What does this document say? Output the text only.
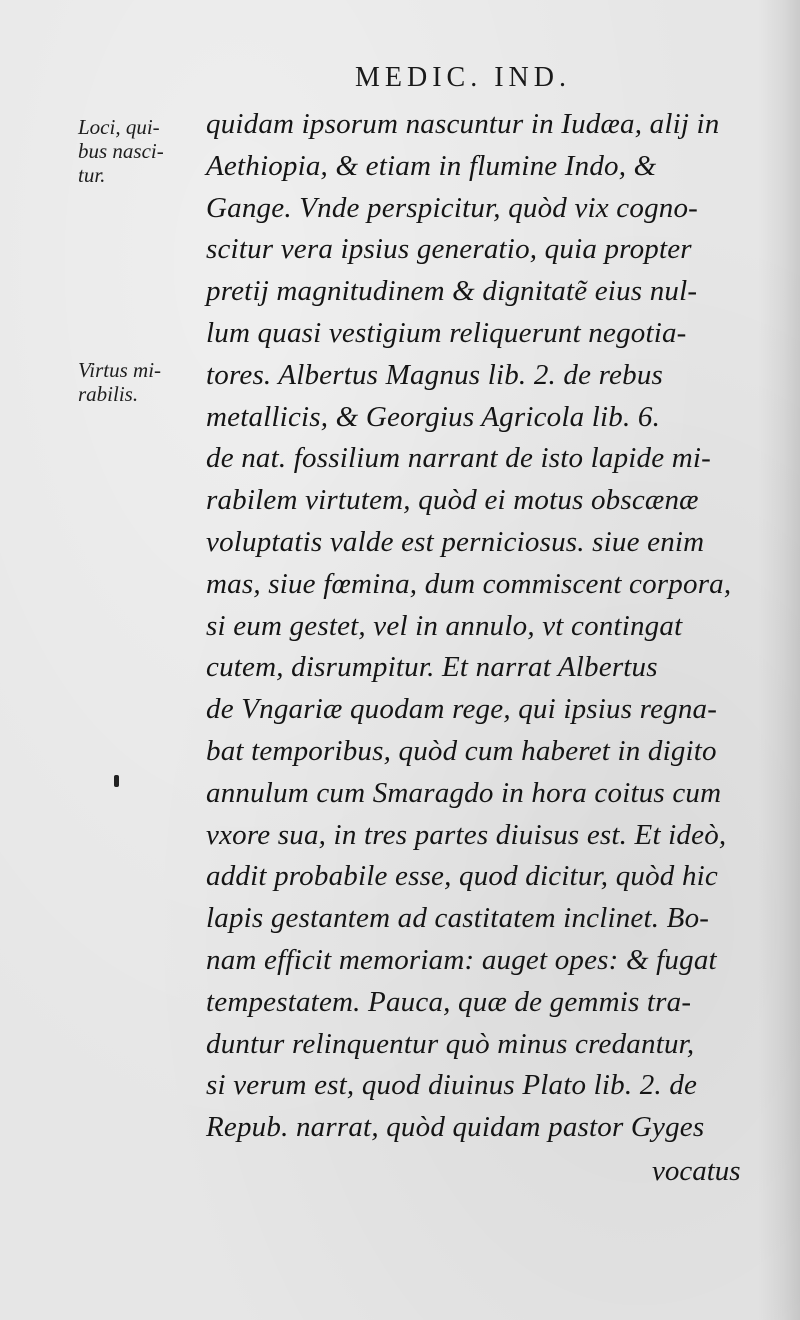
MEDIC. IND.
Loci, qui-
bus nasci-
tur.
Virtus mi-
rabilis.
quidam ipsorum nascuntur in Iudæa, alij in
Aethiopia, & etiam in flumine Indo, &
Gange. Vnde perspicitur, quòd vix cogno-
scitur vera ipsius generatio, quia propter
pretij magnitudinem & dignitatẽ eius nul-
lum quasi vestigium reliquerunt negotia-
tores. Albertus Magnus lib. 2. de rebus
metallicis, & Georgius Agricola lib. 6.
de nat. fossilium narrant de isto lapide mi-
rabilem virtutem, quòd ei motus obscænæ
voluptatis valde est perniciosus. siue enim
mas, siue fœmina, dum commiscent corpora,
si eum gestet, vel in annulo, vt contingat
cutem, disrumpitur. Et narrat Albertus
de Vngariæ quodam rege, qui ipsius regna-
bat temporibus, quòd cum haberet in digito
annulum cum Smaragdo in hora coitus cum
vxore sua, in tres partes diuisus est. Et ideò,
addit probabile esse, quod dicitur, quòd hic
lapis gestantem ad castitatem inclinet. Bo-
nam efficit memoriam: auget opes: & fugat
tempestatem. Pauca, quæ de gemmis tra-
duntur relinquentur quò minus credantur,
si verum est, quod diuinus Plato lib. 2. de
Repub. narrat, quòd quidam pastor Gyges
vocatus
